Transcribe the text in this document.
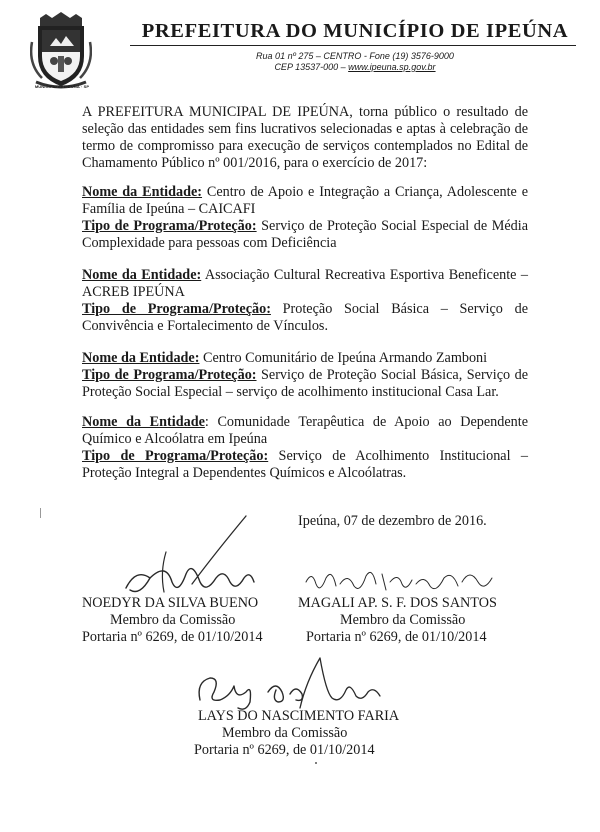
MUNICÍPIO de IPEÚNA · SP
PREFEITURA DO MUNICÍPIO DE IPEÚNA
Rua 01 nº 275 – CENTRO - Fone (19) 3576-9000
CEP 13537-000 – www.ipeuna.sp.gov.br
A PREFEITURA MUNICIPAL DE IPEÚNA, torna público o resultado de seleção das entidades sem fins lucrativos selecionadas e aptas à celebração de termo de compromisso para execução de serviços contemplados no Edital de Chamamento Público nº 001/2016, para o exercício de 2017:
Nome da Entidade: Centro de Apoio e Integração a Criança, Adolescente e Família de Ipeúna – CAICAFI
Tipo de Programa/Proteção: Serviço de Proteção Social Especial de Média Complexidade para pessoas com Deficiência
Nome da Entidade: Associação Cultural Recreativa Esportiva Beneficente – ACREB IPEÚNA
Tipo de Programa/Proteção: Proteção Social Básica – Serviço de Convivência e Fortalecimento de Vínculos.
Nome da Entidade: Centro Comunitário de Ipeúna Armando Zamboni
Tipo de Programa/Proteção: Serviço de Proteção Social Básica, Serviço de Proteção Social Especial – serviço de acolhimento institucional Casa Lar.
Nome da Entidade: Comunidade Terapêutica de Apoio ao Dependente Químico e Alcoólatra em Ipeúna
Tipo de Programa/Proteção: Serviço de Acolhimento Institucional – Proteção Integral a Dependentes Químicos e Alcoólatras.
Ipeúna, 07 de dezembro de 2016.
NOEDYR DA SILVA BUENO
Membro da Comissão
Portaria nº 6269, de 01/10/2014
MAGALI AP. S. F. DOS SANTOS
Membro da Comissão
Portaria nº 6269, de 01/10/2014
LAYS DO NASCIMENTO FARIA
Membro da Comissão
Portaria nº 6269, de 01/10/2014
